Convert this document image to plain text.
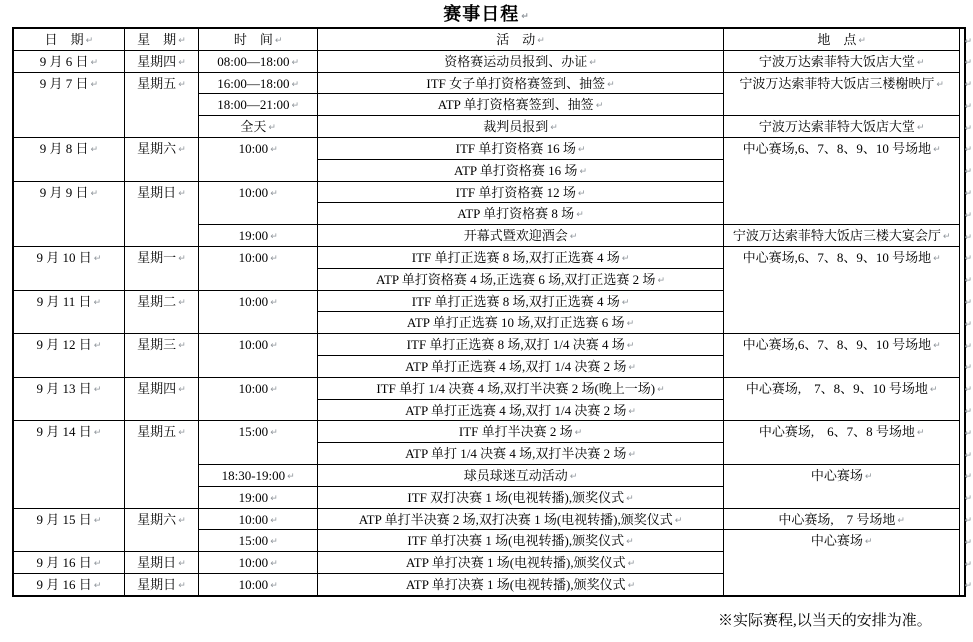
赛事日程 ↵
日　期 ↵	星　期 ↵	时　间 ↵	活　动 ↵	地　点 ↵	↵
9 月 6 日 ↵	星期四 ↵	08:00—18:00 ↵	资格赛运动员报到、办证 ↵	宁波万达索菲特大饭店大堂 ↵	↵
9 月 7 日 ↵	星期五 ↵	16:00—18:00 ↵	ITF 女子单打资格赛签到、抽签 ↵	宁波万达索菲特大饭店三楼榭映厅 ↵	↵
		18:00—21:00 ↵	ATP 单打资格赛签到、抽签 ↵		↵
		全天 ↵	裁判员报到 ↵	宁波万达索菲特大饭店大堂 ↵	↵
9 月 8 日 ↵	星期六 ↵	10:00 ↵	ITF 单打资格赛 16 场 ↵	中心赛场,6、7、8、9、10 号场地 ↵	↵
			ATP 单打资格赛 16 场 ↵		↵
9 月 9 日 ↵	星期日 ↵	10:00 ↵	ITF 单打资格赛 12 场 ↵		↵
			ATP 单打资格赛 8 场 ↵		↵
		19:00 ↵	开幕式暨欢迎酒会 ↵	宁波万达索菲特大饭店三楼大宴会厅 ↵	↵
9 月 10 日 ↵	星期一 ↵	10:00 ↵	ITF 单打正选赛 8 场,双打正选赛 4 场 ↵	中心赛场,6、7、8、9、10 号场地 ↵	↵
			ATP 单打资格赛 4 场,正选赛 6 场,双打正选赛 2 场 ↵		↵
9 月 11 日 ↵	星期二 ↵	10:00 ↵	ITF 单打正选赛 8 场,双打正选赛 4 场 ↵		↵
			ATP 单打正选赛 10 场,双打正选赛 6 场 ↵		↵
9 月 12 日 ↵	星期三 ↵	10:00 ↵	ITF 单打正选赛 8 场,双打 1/4 决赛 4 场 ↵	中心赛场,6、7、8、9、10 号场地 ↵	↵
			ATP 单打正选赛 4 场,双打 1/4 决赛 2 场 ↵		↵
9 月 13 日 ↵	星期四 ↵	10:00 ↵	ITF 单打 1/4 决赛 4 场,双打半决赛 2 场(晚上一场) ↵	中心赛场,　7、8、9、10 号场地 ↵	↵
			ATP 单打正选赛 4 场,双打 1/4 决赛 2 场 ↵		↵
9 月 14 日 ↵	星期五 ↵	15:00 ↵	ITF 单打半决赛 2 场 ↵	中心赛场,　6、7、8 号场地 ↵	↵
			ATP 单打 1/4 决赛 4 场,双打半决赛 2 场 ↵		↵
		18:30-19:00 ↵	球员球迷互动活动 ↵	中心赛场 ↵	↵
		19:00 ↵	ITF 双打决赛 1 场(电视转播),颁奖仪式 ↵		↵
9 月 15 日 ↵	星期六 ↵	10:00 ↵	ATP 单打半决赛 2 场,双打决赛 1 场(电视转播),颁奖仪式 ↵	中心赛场,　7 号场地 ↵	↵
		15:00 ↵	ITF 单打决赛 1 场(电视转播),颁奖仪式 ↵	中心赛场 ↵	↵
9 月 16 日 ↵	星期日 ↵	10:00 ↵	ATP 单打决赛 1 场(电视转播),颁奖仪式 ↵		↵
9 月 16 日 ↵	星期日 ↵	10:00 ↵	ATP 单打决赛 1 场(电视转播),颁奖仪式 ↵		↵
※实际赛程,以当天的安排为准。
